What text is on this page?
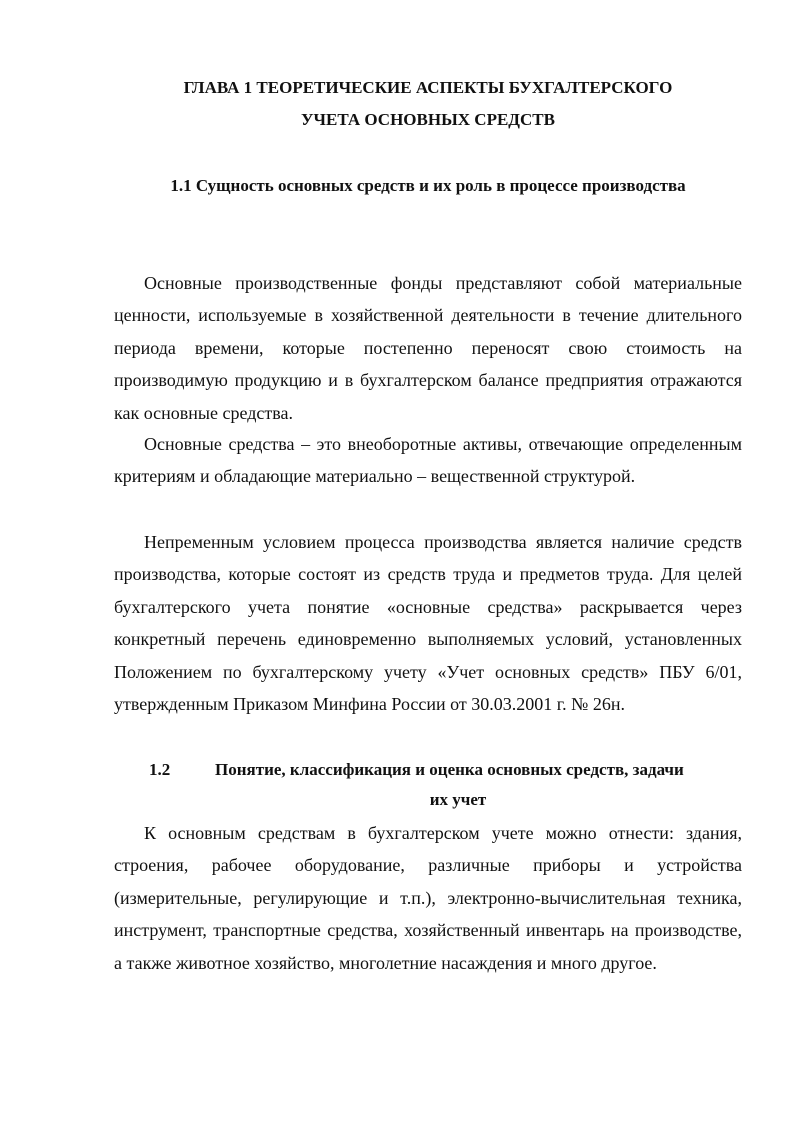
ГЛАВА 1 ТЕОРЕТИЧЕСКИЕ АСПЕКТЫ БУХГАЛТЕРСКОГО
УЧЕТА ОСНОВНЫХ СРЕДСТВ
1.1 Сущность основных средств и их роль в процессе производства

Основные производственные фонды представляют собой материальные ценности, используемые в хозяйственной деятельности в течение длительного периода времени, которые постепенно переносят свою стоимость на производимую продукцию и в бухгалтерском балансе предприятия отражаются как основные средства.

Основные средства – это внеоборотные активы, отвечающие определенным критериям и обладающие материально – вещественной структурой.

Непременным условием процесса производства является наличие средств производства, которые состоят из средств труда и предметов труда. Для целей бухгалтерского учета понятие «основные средства» раскрывается через конкретный перечень единовременно выполняемых условий, установленных Положением по бухгалтерскому учету «Учет основных средств» ПБУ 6/01, утвержденным Приказом Минфина России от 30.03.2001 г. № 26н.

1.2	Понятие, классификация и оценка основных средств, задачи
их учет

К основным средствам в бухгалтерском учете можно отнести: здания, строения, рабочее оборудование, различные приборы и устройства (измерительные, регулирующие и т.п.), электронно-вычислительная техника, инструмент, транспортные средства, хозяйственный инвентарь на производстве, а также животное хозяйство, многолетние насаждения и много другое.
